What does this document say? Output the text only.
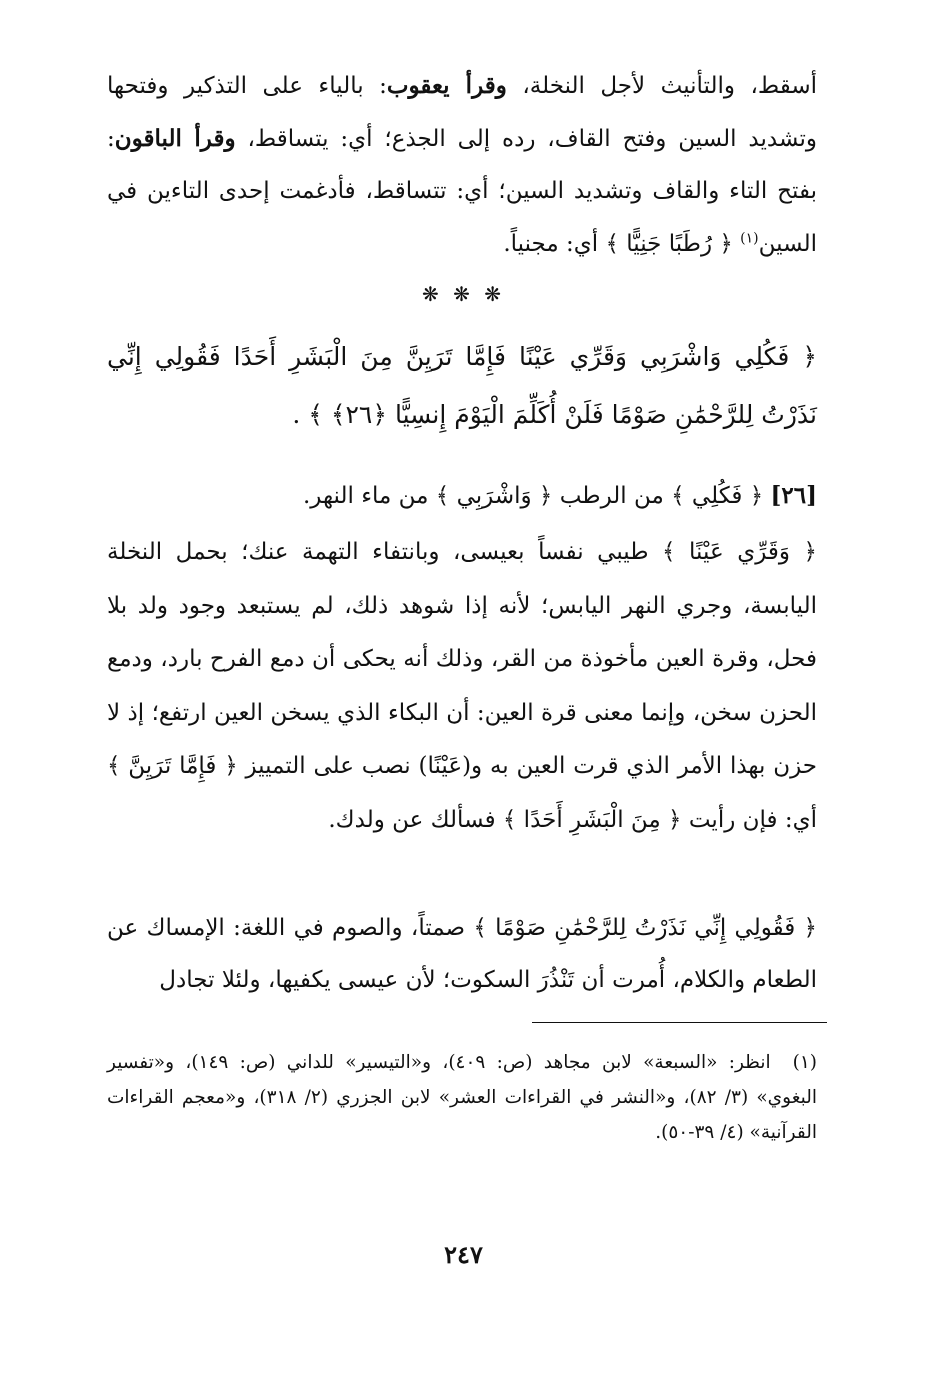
أسقط، والتأنيث لأجل النخلة، وقرأ يعقوب: بالياء على التذكير وفتحها وتشديد السين وفتح القاف، رده إلى الجذع؛ أي: يتساقط، وقرأ الباقون: بفتح التاء والقاف وتشديد السين؛ أي: تتساقط، فأدغمت إحدى التاءين في السين$^{(١)}$ ﴿ رُطَبًا جَنِيًّا ﴾ أي: مجنياً.
❋ ❋ ❋
﴿ فَكُلِي وَاشْرَبِي وَقَرِّي عَيْنًا فَإِمَّا تَرَيِنَّ مِنَ الْبَشَرِ أَحَدًا فَقُولِي إِنِّي نَذَرْتُ لِلرَّحْمَٰنِ صَوْمًا فَلَنْ أُكَلِّمَ الْيَوْمَ إِنسِيًّا ﴿٢٦﴾ ﴾ .
[٢٦] ﴿ فَكُلِي ﴾ من الرطب ﴿ وَاشْرَبِي ﴾ من ماء النهر.
﴿ وَقَرِّي عَيْنًا ﴾ طيبي نفساً بعيسى، وبانتفاء التهمة عنك؛ بحمل النخلة اليابسة، وجري النهر اليابس؛ لأنه إذا شوهد ذلك، لم يستبعد وجود ولد بلا فحل، وقرة العين مأخوذة من القر، وذلك أنه يحكى أن دمع الفرح بارد، ودمع الحزن سخن، وإنما معنى قرة العين: أن البكاء الذي يسخن العين ارتفع؛ إذ لا حزن بهذا الأمر الذي قرت العين به و(عَيْنًا) نصب على التمييز ﴿ فَإِمَّا تَرَيِنَّ ﴾ أي: فإن رأيت ﴿ مِنَ الْبَشَرِ أَحَدًا ﴾ فسألك عن ولدك.
﴿ فَقُولِي إِنِّي نَذَرْتُ لِلرَّحْمَٰنِ صَوْمًا ﴾ صمتاً، والصوم في اللغة: الإمساك عن الطعام والكلام، أُمرت أن تَنْذُرَ السكوت؛ لأن عيسى يكفيها، ولئلا تجادل
(١)انظر: «السبعة» لابن مجاهد (ص: ٤٠٩)، و«التيسير» للداني (ص: ١٤٩)، و«تفسير البغوي» (٣/ ٨٢)، و«النشر في القراءات العشر» لابن الجزري (٢/ ٣١٨)، و«معجم القراءات القرآنية» (٤/ ٣٩-٥٠).
٢٤٧
